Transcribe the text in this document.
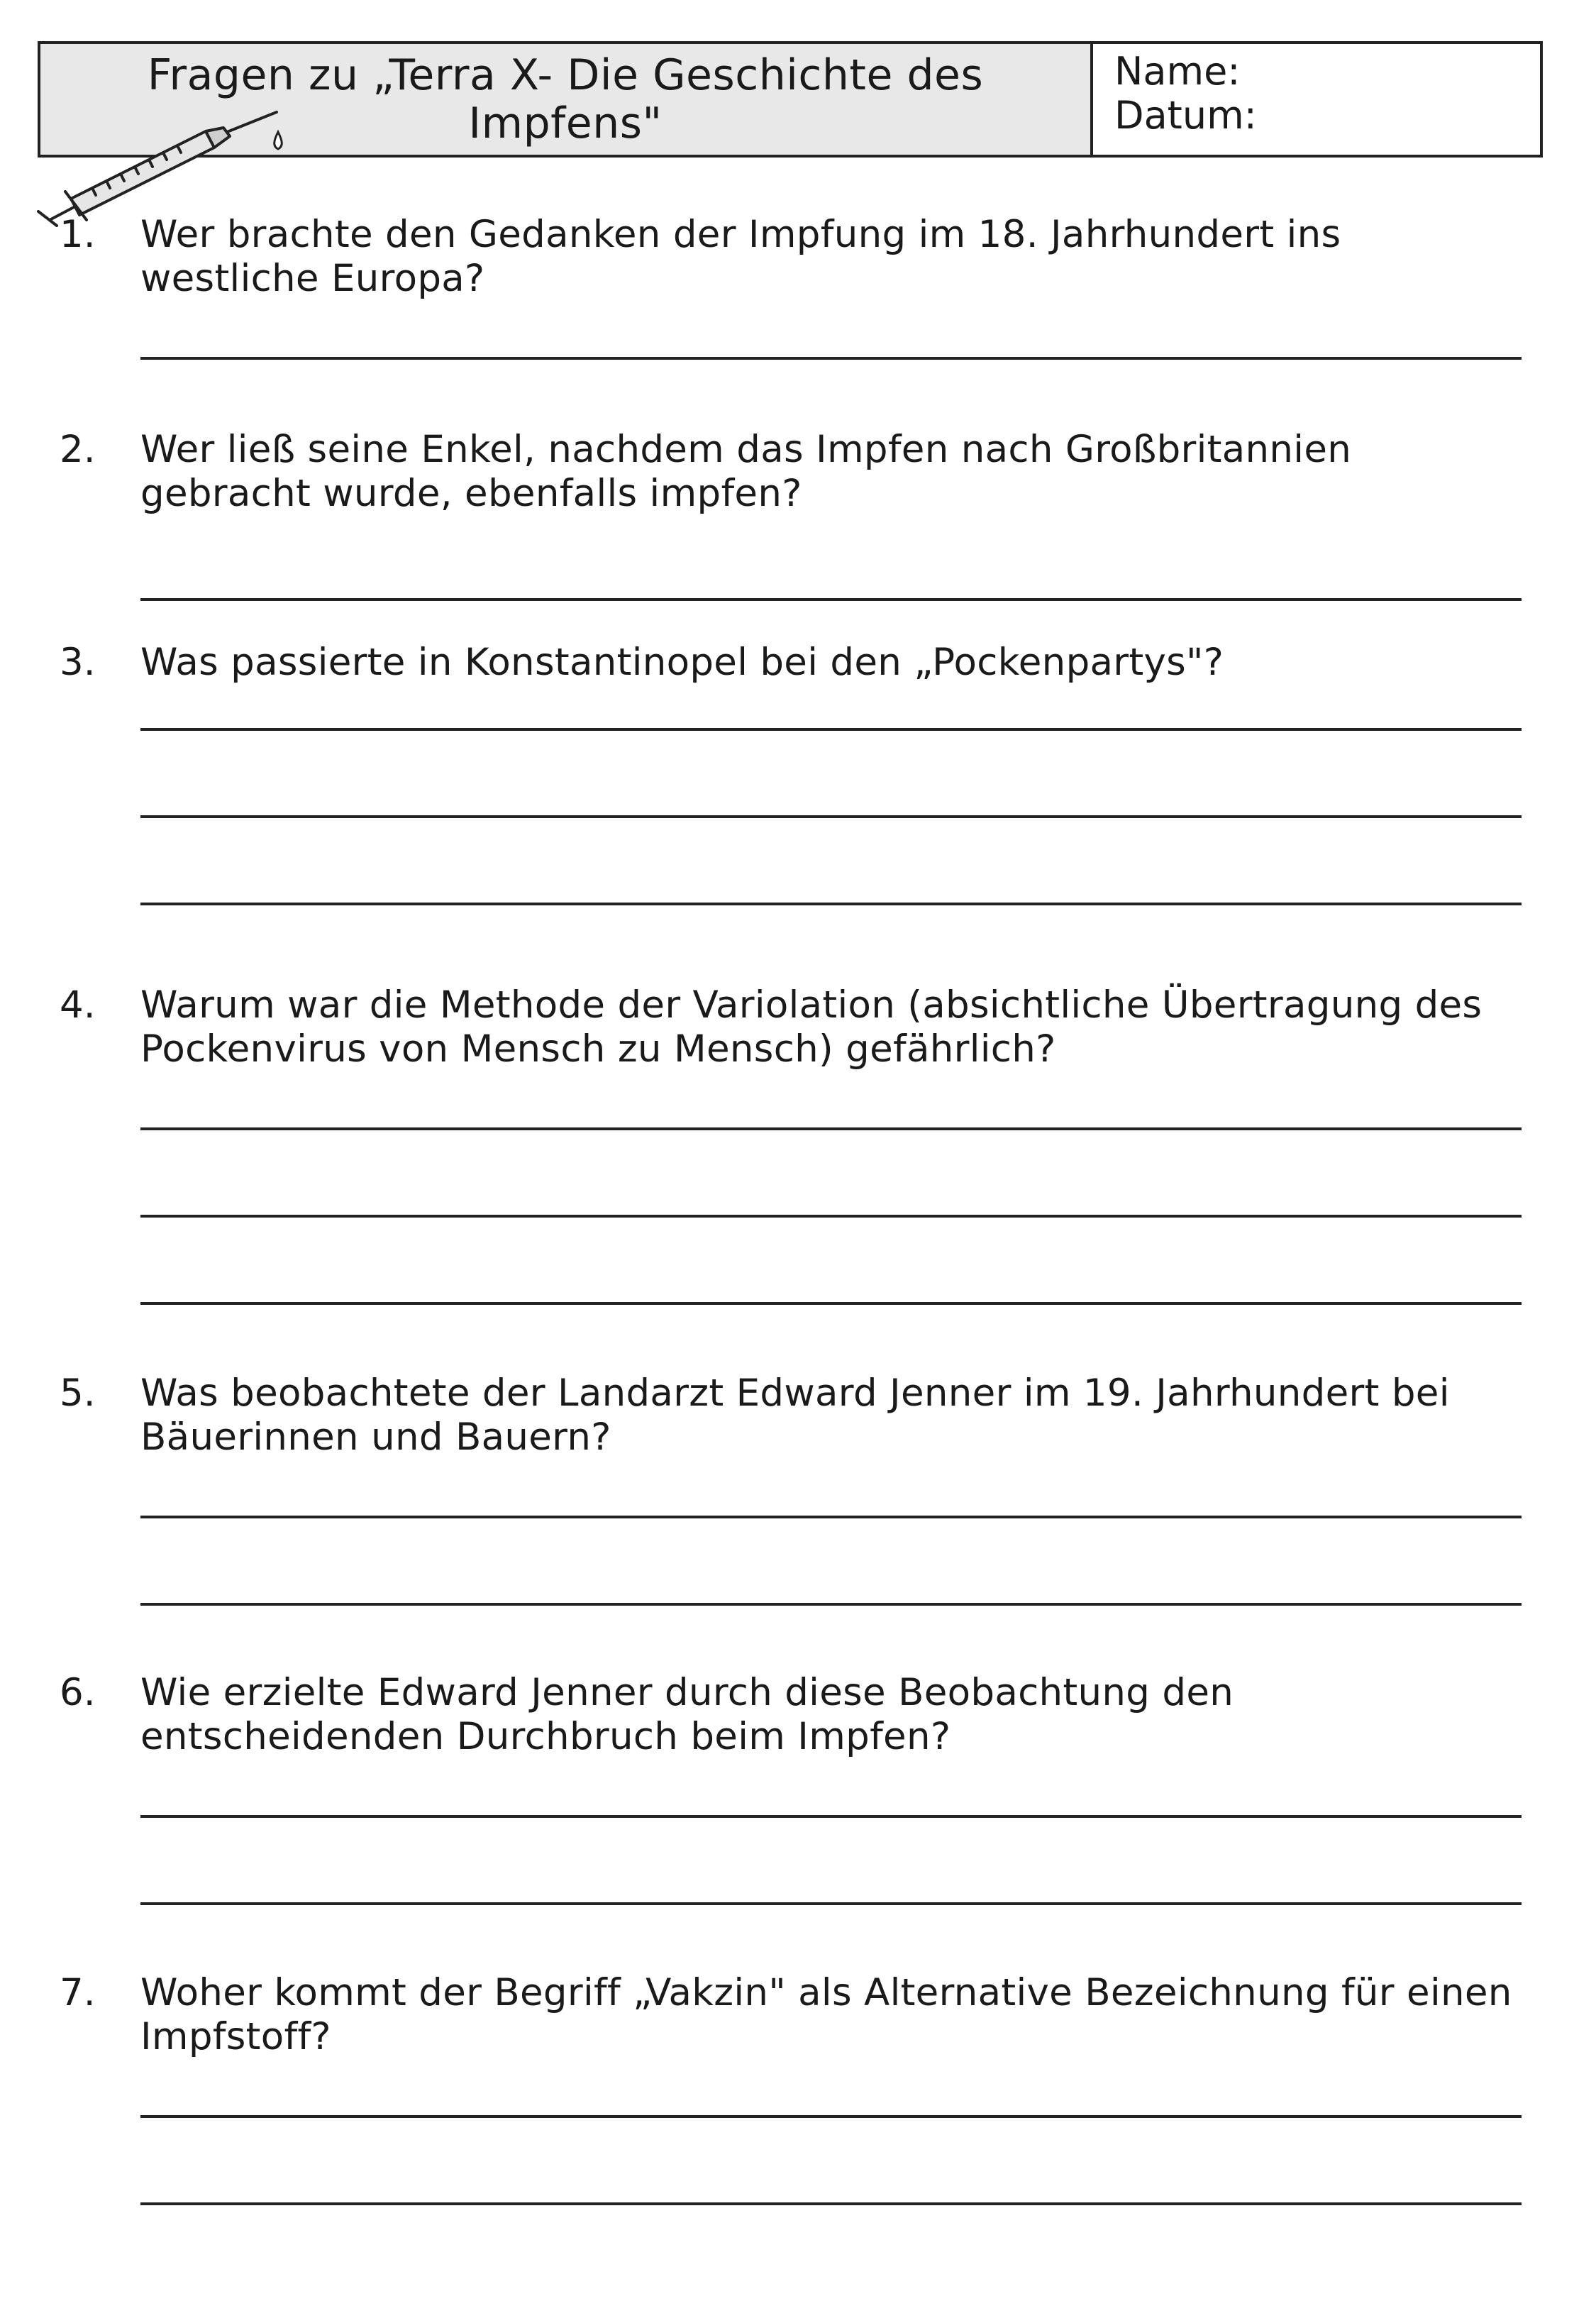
Fragen zu „Terra X- Die Geschichte des Impfens"
Name:
Datum:
1. Wer brachte den Gedanken der Impfung im 18. Jahrhundert ins westliche Europa?
2. Wer ließ seine Enkel, nachdem das Impfen nach Großbritannien gebracht wurde, ebenfalls impfen?
3. Was passierte in Konstantinopel bei den „Pockenpartys"?
4. Warum war die Methode der Variolation (absichtliche Übertragung des Pockenvirus von Mensch zu Mensch) gefährlich?
5. Was beobachtete der Landarzt Edward Jenner im 19. Jahrhundert bei Bäuerinnen und Bauern?
6. Wie erzielte Edward Jenner durch diese Beobachtung den entscheidenden Durchbruch beim Impfen?
7. Woher kommt der Begriff „Vakzin" als Alternative Bezeichnung für einen Impfstoff?
